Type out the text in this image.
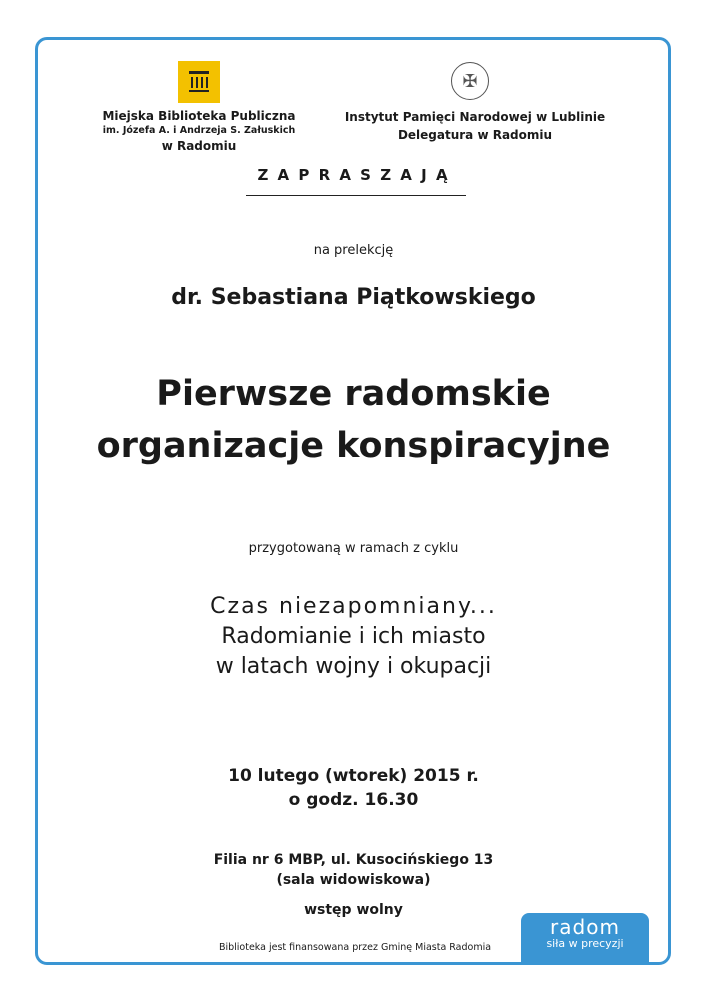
✠
Miejska Biblioteka Publiczna
im. Józefa A. i Andrzeja S. Załuskich
w Radomiu
Instytut Pamięci Narodowej w Lublinie
Delegatura w Radomiu
Z A P R A S Z A J Ą
na prelekcję
dr. Sebastiana Piątkowskiego
Pierwsze radomskie
organizacje konspiracyjne
przygotowaną w ramach z cyklu
Czas niezapomniany...
Radomianie i ich miasto
w latach wojny i okupacji
10 lutego (wtorek) 2015 r.
o godz. 16.30
Filia nr 6 MBP, ul. Kusocińskiego 13
(sala widowiskowa)
wstęp wolny
Biblioteka jest finansowana przez Gminę Miasta Radomia
radom
siła w precyzji
